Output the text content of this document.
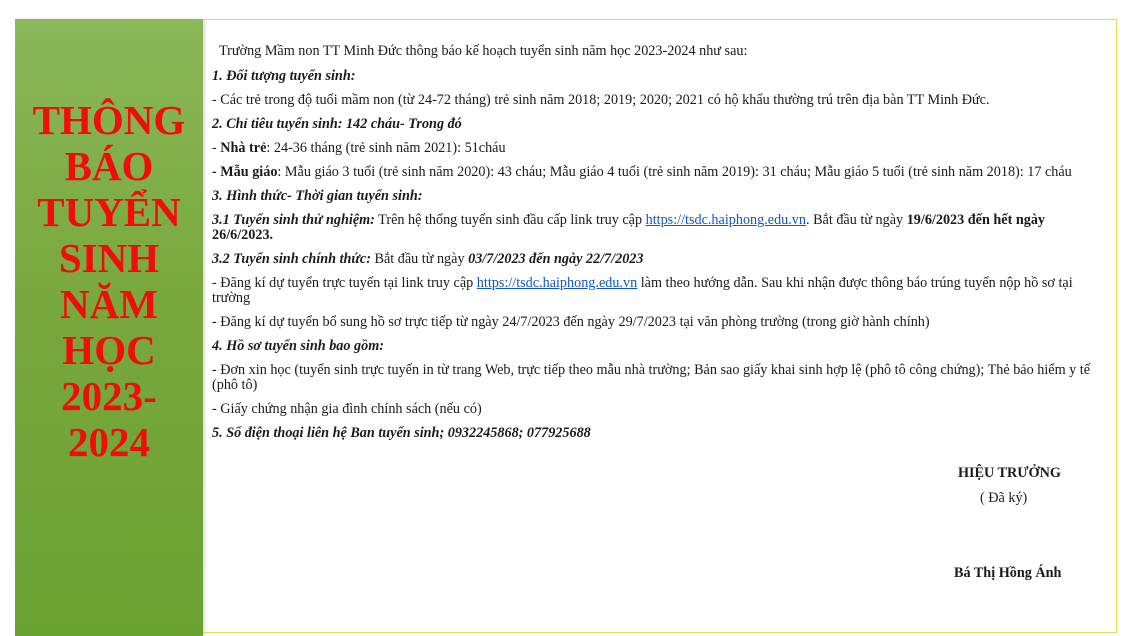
THÔNG
BÁO
TUYỂN
SINH
NĂM
HỌC
2023-
2024

Trường Mầm non TT Minh Đức thông báo kế hoạch tuyển sinh năm học 2023-2024 như sau:

1. Đối tượng tuyển sinh:

- Các trẻ trong độ tuổi mầm non (từ 24-72 tháng) trẻ sinh năm 2018; 2019; 2020; 2021 có hộ khẩu thường trú trên địa bàn TT Minh Đức.

2. Chỉ tiêu tuyển sinh: 142 cháu- Trong đó

- Nhà trẻ: 24-36 tháng (trẻ sinh năm 2021): 51cháu

- Mẫu giáo: Mẫu giáo 3 tuổi (trẻ sinh năm 2020): 43 cháu; Mẫu giáo 4 tuổi (trẻ sinh năm 2019): 31 cháu; Mẫu giáo 5 tuổi (trẻ sinh năm 2018): 17 cháu

3. Hình thức- Thời gian tuyển sinh:

3.1 Tuyển sinh thử nghiệm: Trên hệ thống tuyển sinh đầu cấp link truy cập https://tsdc.haiphong.edu.vn. Bắt đầu từ ngày 19/6/2023 đến hết ngày 26/6/2023.

3.2 Tuyển sinh chính thức: Bắt đầu từ ngày 03/7/2023 đến ngày 22/7/2023

- Đăng kí dự tuyển trực tuyến tại link truy cập https://tsdc.haiphong.edu.vn làm theo hướng dẫn. Sau khi nhận được thông báo trúng tuyển nộp hồ sơ tại trường

- Đăng kí dự tuyển bổ sung hồ sơ trực tiếp từ ngày 24/7/2023 đến ngày 29/7/2023 tại văn phòng trường (trong giờ hành chính)

4. Hồ sơ tuyển sinh bao gồm:

- Đơn xin học (tuyển sinh trực tuyến in từ trang Web, trực tiếp theo mẫu nhà trường; Bản sao giấy khai sinh hợp lệ (phô tô công chứng); Thẻ bảo hiểm y tế (phô tô)

- Giấy chứng nhận gia đình chính sách (nếu có)

5. Số điện thoại liên hệ Ban tuyển sinh; 0932245868; 077925688

HIỆU TRƯỞNG
( Đã ký)
Bá Thị Hồng Ánh
